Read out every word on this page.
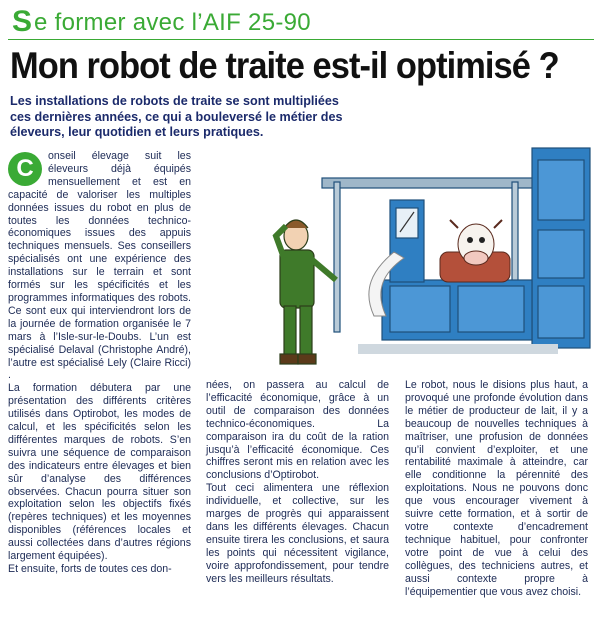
S e former avec l’AIF 25-90
Mon robot de traite est-il optimisé ?
Les installations de robots de traite se sont multipliées ces dernières années, ce qui a bouleversé le métier des éleveurs, leur quotidien et leurs pratiques.
C	onseil élevage suit les éleveurs déjà équipés mensuellement et est en capacité de valoriser les multiples données issues du robot en plus de toutes les données technico-économiques issues des appuis techniques mensuels. Ses conseillers spécialisés ont une expérience des installations sur le terrain et sont formés sur les spécificités et les programmes informatiques des robots. Ce sont eux qui interviendront lors de la journée de formation organisée le 7 mars à l’Isle-sur-le-Doubs. L’un est spécialisé Delaval (Christophe André), l’autre est spécialisé Lely (Claire Ricci) .

La formation débutera par une présentation des différents critères utilisés dans Optirobot, les modes de calcul, et les spécificités selon les différentes marques de robots. S’en suivra une séquence de comparaison des indicateurs entre élevages et bien sûr d’analyse des différences observées. Chacun pourra situer son exploitation selon les objectifs fixés (repères techniques) et les moyennes disponibles (références locales et aussi collectées dans d’autres régions largement équipées).

Et ensuite, forts de toutes ces don-

nées, on passera au calcul de l’efficacité économique, grâce à un outil de comparaison des données technico-économiques. La comparaison ira du coût de la ration jusqu’à l’efficacité économique. Ces chiffres seront mis en relation avec les conclusions d’Optirobot.

Tout ceci alimentera une réflexion individuelle, et collective, sur les marges de progrès qui apparaissent dans les différents élevages. Chacun ensuite tirera les conclusions, et saura les points qui nécessitent vigilance, voire approfondissement, pour tendre vers les meilleurs résultats.

Le robot, nous le disions plus haut, a provoqué une profonde évolution dans le métier de producteur de lait, il y a beaucoup de nouvelles techniques à maîtriser, une profusion de données qu’il convient d’exploiter, et une rentabilité maximale à atteindre, car elle conditionne la pérennité des exploitations. Nous ne pouvons donc que vous encourager vivement à suivre cette formation, et à sortir de votre contexte d’encadrement technique habituel, pour confronter votre point de vue à celui des collègues, des techniciens autres, et aussi contexte propre à l’équipementier que vous avez choisi.
